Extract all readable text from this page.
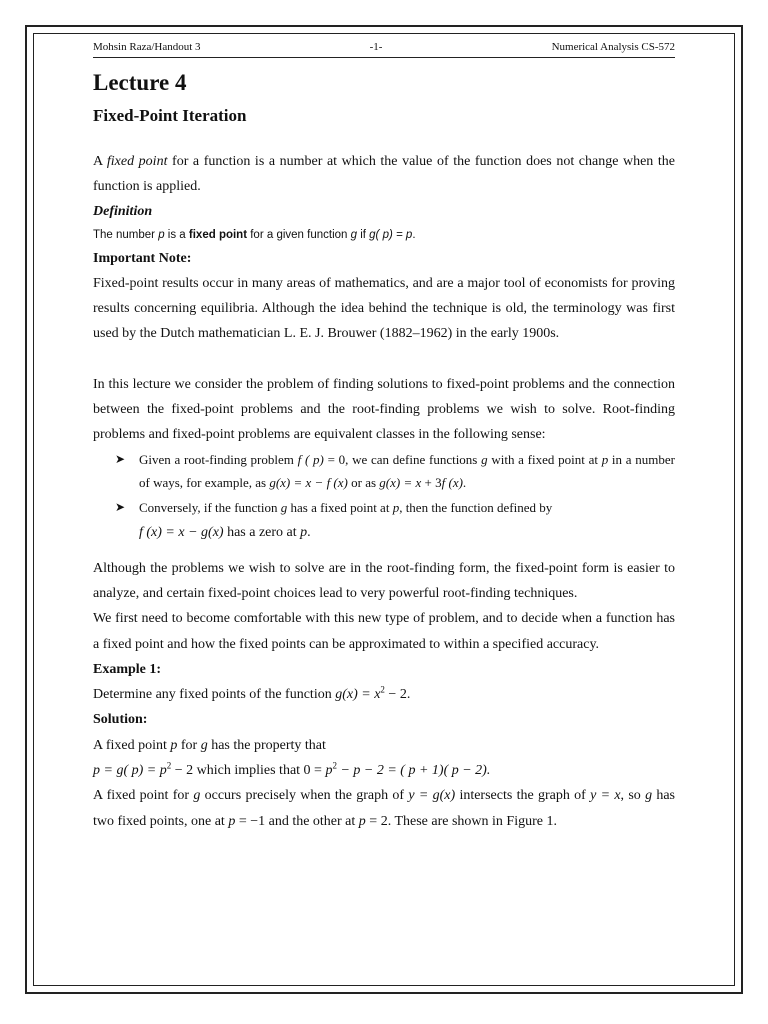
Mohsin Raza/Handout 3	-1-	Numerical Analysis CS-572
Lecture 4
Fixed-Point Iteration

A fixed point for a function is a number at which the value of the function does not change when the function is applied.

Definition
The number p is a fixed point for a given function g if g( p) = p.

Important Note:

Fixed-point results occur in many areas of mathematics, and are a major tool of economists for proving results concerning equilibria. Although the idea behind the technique is old, the terminology was first used by the Dutch mathematician L. E. J. Brouwer (1882–1962) in the early 1900s.

In this lecture we consider the problem of finding solutions to fixed-point problems and the connection between the fixed-point problems and the root-finding problems we wish to solve. Root-finding problems and fixed-point problems are equivalent classes in the following sense:

➤ Given a root-finding problem f ( p) = 0, we can define functions g with a fixed point at p in a number of ways, for example, as g(x) = x − f (x) or as g(x) = x + 3f (x).
➤ Conversely, if the function g has a fixed point at p, then the function defined by
f (x) = x − g(x) has a zero at p.

Although the problems we wish to solve are in the root-finding form, the fixed-point form is easier to analyze, and certain fixed-point choices lead to very powerful root-finding techniques.

We first need to become comfortable with this new type of problem, and to decide when a function has a fixed point and how the fixed points can be approximated to within a specified accuracy.

Example 1:

Determine any fixed points of the function $g(x) = x^2 - 2$.

Solution:

A fixed point p for g has the property that

p = g( $p) = p^2 - 2$ which implies that $0 = p^2 - p - 2$ = ( p + 1)( p − 2).

A fixed point for g occurs precisely when the graph of y = g(x) intersects the graph of y = x, so g has two fixed points, one at p = −1 and the other at p = 2. These are shown in Figure 1.
